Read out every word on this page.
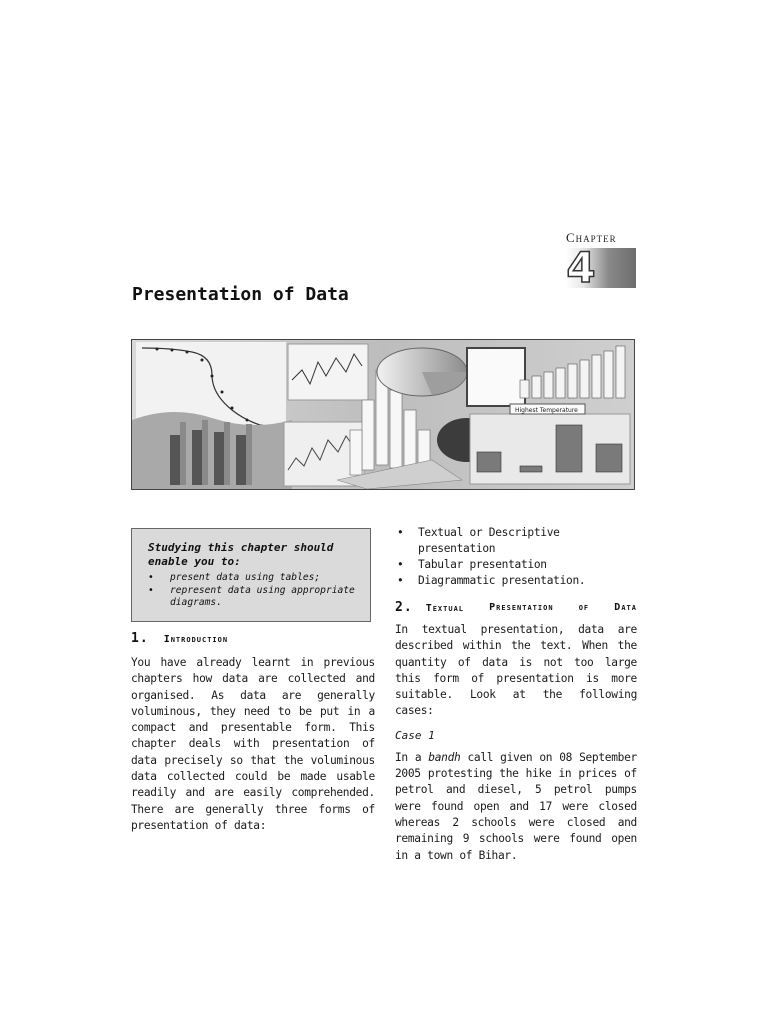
Chapter
4
Presentation of Data
Highest Temperature
Studying this chapter should enable you to:
• present data using tables;
• represent data using appropriate diagrams.
1. Introduction

You have already learnt in previous chapters how data are collected and organised. As data are generally voluminous, they need to be put in a compact and presentable form. This chapter deals with presentation of data precisely so that the voluminous data collected could be made usable readily and are easily comprehended. There are generally three forms of presentation of data:

• Textual or Descriptive presentation
• Tabular presentation
• Diagrammatic presentation.
2. Textual	Presentation	of	Data

In textual presentation, data are described within the text. When the quantity of data is not too large this form of presentation is more suitable. Look at the following cases:

Case 1

In a bandh call given on 08 September 2005 protesting the hike in prices of petrol and diesel, 5 petrol pumps were found open and 17 were closed whereas 2 schools were closed and remaining 9 schools were found open in a town of Bihar.
